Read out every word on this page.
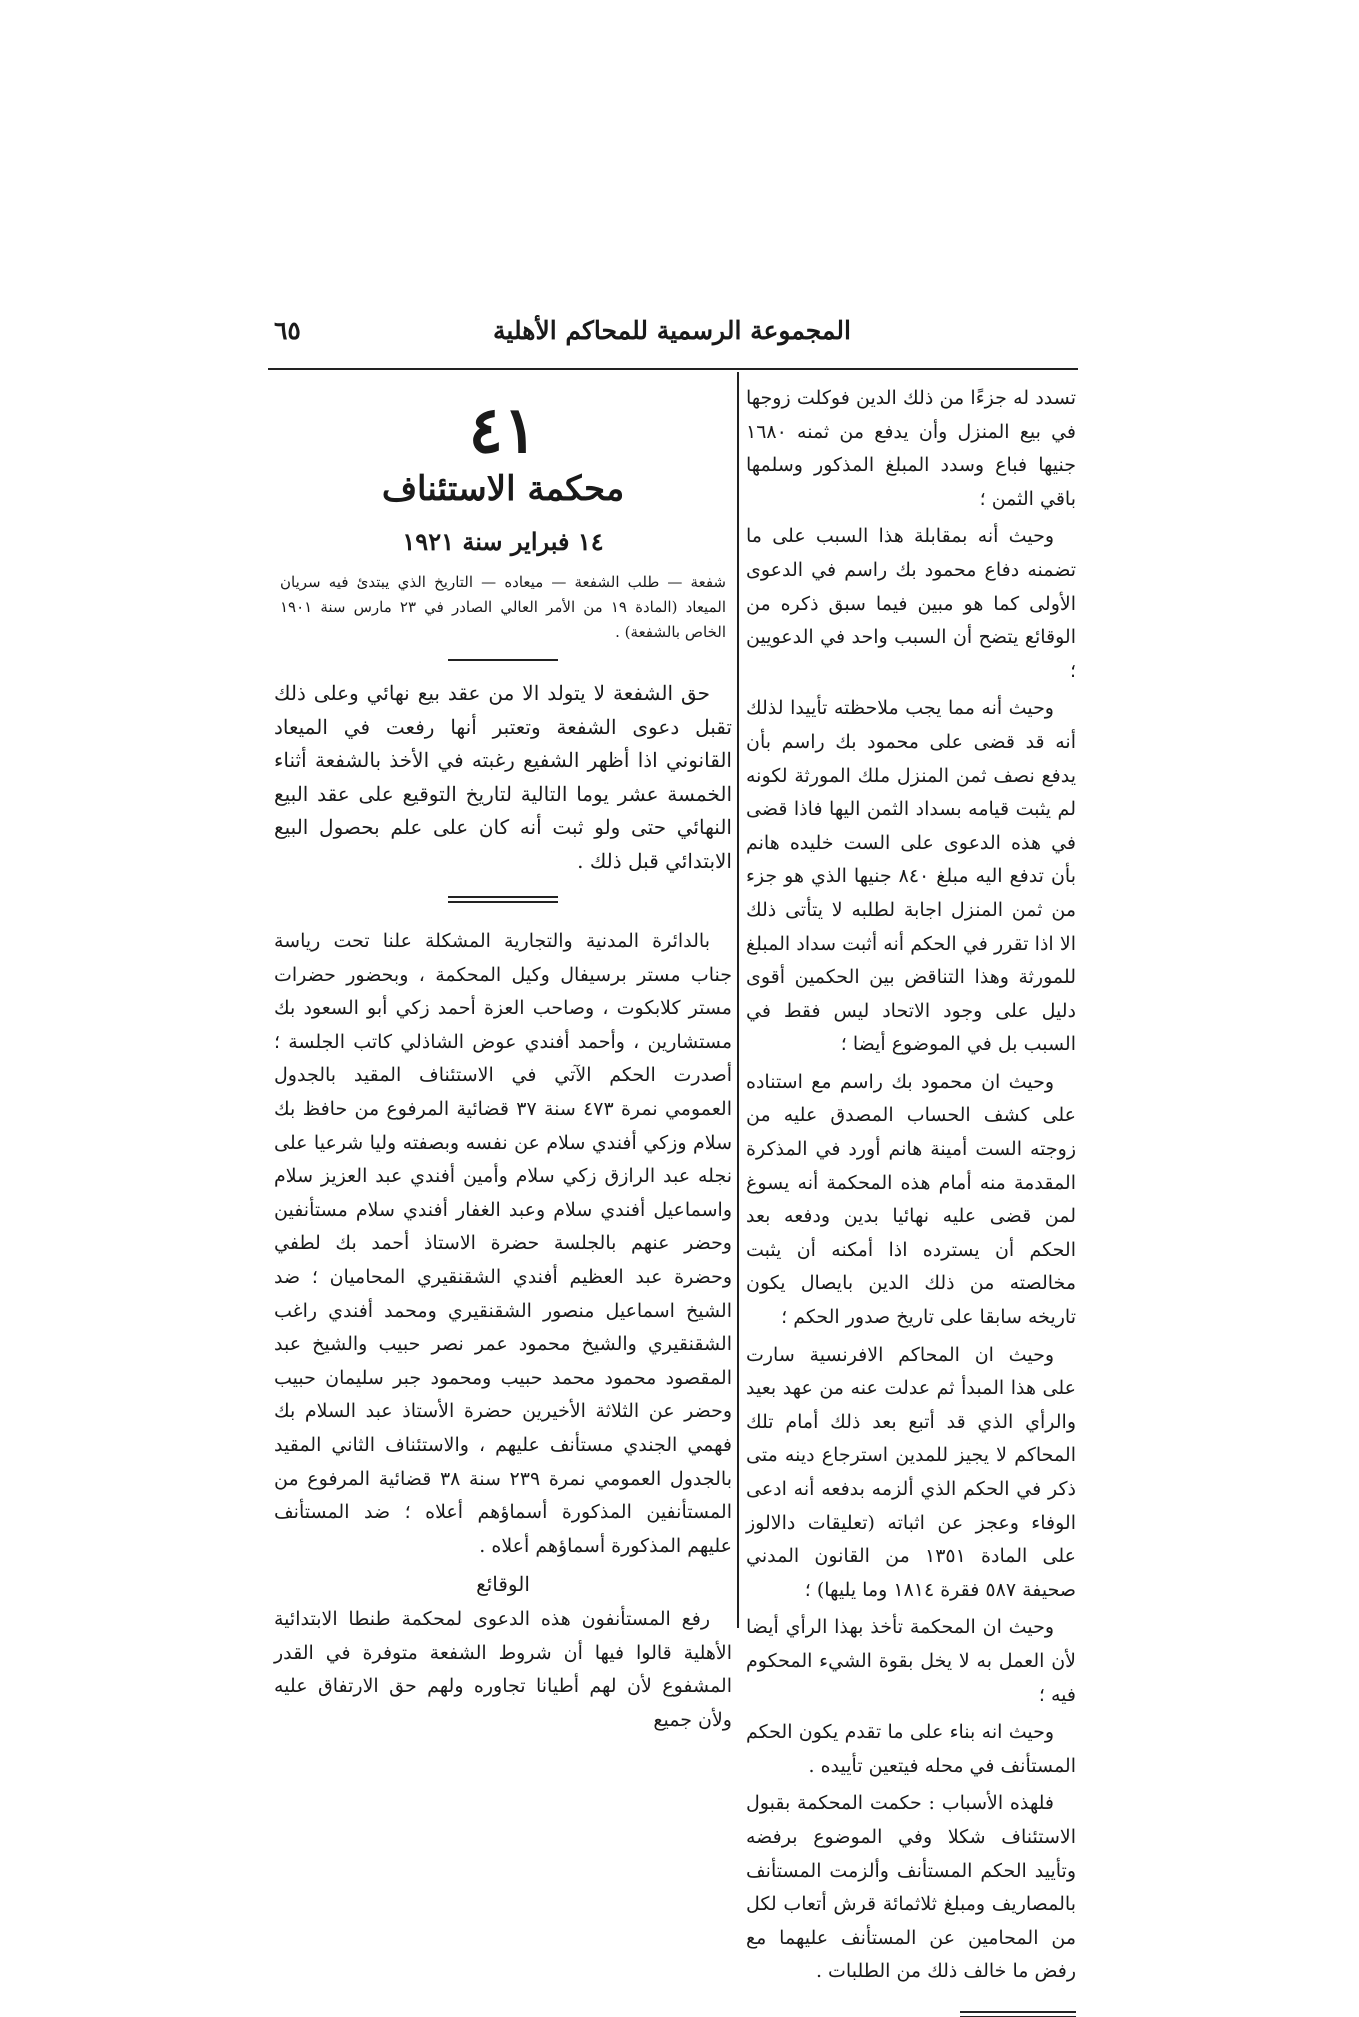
المجموعة الرسمية للمحاكم الأهلية
٦٥

تسدد له جزءًا من ذلك الدين فوكلت زوجها في بيع المنزل وأن يدفع من ثمنه ١٦٨٠ جنيها فباع وسدد المبلغ المذكور وسلمها باقي الثمن ؛

وحيث أنه بمقابلة هذا السبب على ما تضمنه دفاع محمود بك راسم في الدعوى الأولى كما هو مبين فيما سبق ذكره من الوقائع يتضح أن السبب واحد في الدعويين ؛

وحيث أنه مما يجب ملاحظته تأييدا لذلك أنه قد قضى على محمود بك راسم بأن يدفع نصف ثمن المنزل ملك المورثة لكونه لم يثبت قيامه بسداد الثمن اليها فاذا قضى في هذه الدعوى على الست خليده هانم بأن تدفع اليه مبلغ ٨٤٠ جنيها الذي هو جزء من ثمن المنزل اجابة لطلبه لا يتأتى ذلك الا اذا تقرر في الحكم أنه أثبت سداد المبلغ للمورثة وهذا التناقض بين الحكمين أقوى دليل على وجود الاتحاد ليس فقط في السبب بل في الموضوع أيضا ؛

وحيث ان محمود بك راسم مع استناده على كشف الحساب المصدق عليه من زوجته الست أمينة هانم أورد في المذكرة المقدمة منه أمام هذه المحكمة أنه يسوغ لمن قضى عليه نهائيا بدين ودفعه بعد الحكم أن يسترده اذا أمكنه أن يثبت مخالصته من ذلك الدين بايصال يكون تاريخه سابقا على تاريخ صدور الحكم ؛

وحيث ان المحاكم الافرنسية سارت على هذا المبدأ ثم عدلت عنه من عهد بعيد والرأي الذي قد أتبع بعد ذلك أمام تلك المحاكم لا يجيز للمدين استرجاع دينه متى ذكر في الحكم الذي ألزمه بدفعه أنه ادعى الوفاء وعجز عن اثباته (تعليقات دالالوز على المادة ١٣٥١ من القانون المدني صحيفة ٥٨٧ فقرة ١٨١٤ وما يليها) ؛

وحيث ان المحكمة تأخذ بهذا الرأي أيضا لأن العمل به لا يخل بقوة الشيء المحكوم فيه ؛

وحيث انه بناء على ما تقدم يكون الحكم المستأنف في محله فيتعين تأييده .

فلهذه الأسباب : حكمت المحكمة بقبول الاستئناف شكلا وفي الموضوع برفضه وتأييد الحكم المستأنف وألزمت المستأنف بالمصاريف ومبلغ ثلاثمائة قرش أتعاب لكل من المحامين عن المستأنف عليهما مع رفض ما خالف ذلك من الطلبات .

٤١
محكمة الاستئناف
١٤ فبراير سنة ١٩٢١

شفعة — طلب الشفعة — ميعاده — التاريخ الذي يبتدئ فيه سريان الميعاد (المادة ١٩ من الأمر العالي الصادر في ٢٣ مارس سنة ١٩٠١ الخاص بالشفعة) .

حق الشفعة لا يتولد الا من عقد بيع نهائي وعلى ذلك تقبل دعوى الشفعة وتعتبر أنها رفعت في الميعاد القانوني اذا أظهر الشفيع رغبته في الأخذ بالشفعة أثناء الخمسة عشر يوما التالية لتاريخ التوقيع على عقد البيع النهائي حتى ولو ثبت أنه كان على علم بحصول البيع الابتدائي قبل ذلك .

بالدائرة المدنية والتجارية المشكلة علنا تحت رياسة جناب مستر برسيفال وكيل المحكمة ، وبحضور حضرات مستر كلابكوت ، وصاحب العزة أحمد زكي أبو السعود بك مستشارين ، وأحمد أفندي عوض الشاذلي كاتب الجلسة ؛ أصدرت الحكم الآتي في الاستئناف المقيد بالجدول العمومي نمرة ٤٧٣ سنة ٣٧ قضائية المرفوع من حافظ بك سلام وزكي أفندي سلام عن نفسه وبصفته وليا شرعيا على نجله عبد الرازق زكي سلام وأمين أفندي عبد العزيز سلام واسماعيل أفندي سلام وعبد الغفار أفندي سلام مستأنفين وحضر عنهم بالجلسة حضرة الاستاذ أحمد بك لطفي وحضرة عبد العظيم أفندي الشقنقيري المحاميان ؛ ضد الشيخ اسماعيل منصور الشقنقيري ومحمد أفندي راغب الشقنقيري والشيخ محمود عمر نصر حبيب والشيخ عبد المقصود محمود محمد حبيب ومحمود جبر سليمان حبيب وحضر عن الثلاثة الأخيرين حضرة الأستاذ عبد السلام بك فهمي الجندي مستأنف عليهم ، والاستئناف الثاني المقيد بالجدول العمومي نمرة ٢٣٩ سنة ٣٨ قضائية المرفوع من المستأنفين المذكورة أسماؤهم أعلاه ؛ ضد المستأنف عليهم المذكورة أسماؤهم أعلاه .

الوقائع

رفع المستأنفون هذه الدعوى لمحكمة طنطا الابتدائية الأهلية قالوا فيها أن شروط الشفعة متوفرة في القدر المشفوع لأن لهم أطيانا تجاوره ولهم حق الارتفاق عليه ولأن جميع
